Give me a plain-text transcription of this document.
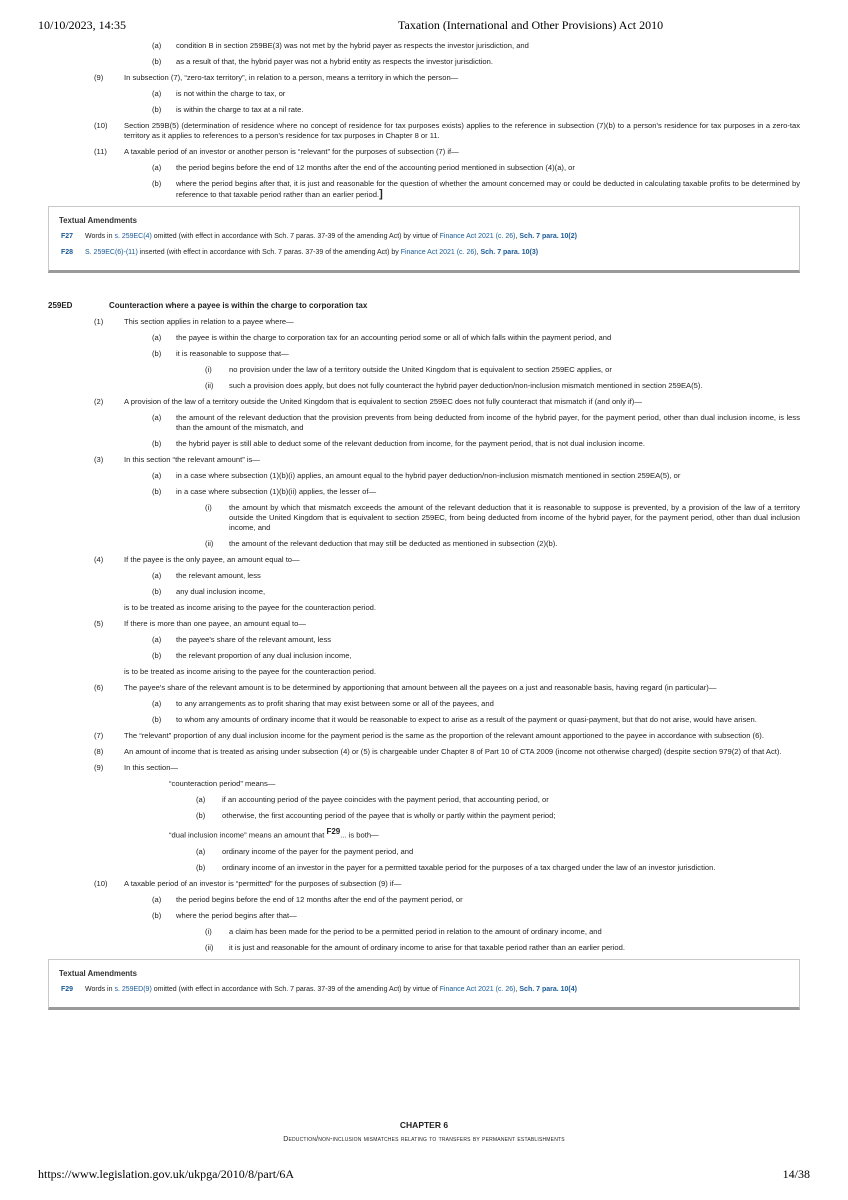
10/10/2023, 14:35	Taxation (International and Other Provisions) Act 2010
(a) condition B in section 259BE(3) was not met by the hybrid payer as respects the investor jurisdiction, and
(b) as a result of that, the hybrid payer was not a hybrid entity as respects the investor jurisdiction.
(9)	In subsection (7), “zero-tax territory”, in relation to a person, means a territory in which the person—
(a) is not within the charge to tax, or
(b) is within the charge to tax at a nil rate.
(10) Section 259B(5) (determination of residence where no concept of residence for tax purposes exists) applies to the reference in subsection (7)(b) to a person's residence for tax purposes in a zero-tax territory as it applies to references to a person's residence for tax purposes in Chapter 8 or 11.
(11) A taxable period of an investor or another person is “relevant” for the purposes of subsection (7) if—
(a) the period begins before the end of 12 months after the end of the accounting period mentioned in subsection (4)(a), or
(b) where the period begins after that, it is just and reasonable for the question of whether the amount concerned may or could be deducted in calculating taxable profits to be determined by reference to that taxable period rather than an earlier period.]
Textual Amendments
F27 Words in s. 259EC(4) omitted (with effect in accordance with Sch. 7 paras. 37-39 of the amending Act) by virtue of Finance Act 2021 (c. 26), Sch. 7 para. 10(2)
F28 S. 259EC(6)-(11) inserted (with effect in accordance with Sch. 7 paras. 37-39 of the amending Act) by Finance Act 2021 (c. 26), Sch. 7 para. 10(3)
259ED	Counteraction where a payee is within the charge to corporation tax
(1)	This section applies in relation to a payee where—
(a) the payee is within the charge to corporation tax for an accounting period some or all of which falls within the payment period, and
(b) it is reasonable to suppose that—
(i) no provision under the law of a territory outside the United Kingdom that is equivalent to section 259EC applies, or
(ii) such a provision does apply, but does not fully counteract the hybrid payer deduction/non-inclusion mismatch mentioned in section 259EA(5).
(2)	A provision of the law of a territory outside the United Kingdom that is equivalent to section 259EC does not fully counteract that mismatch if (and only if)—
(a) the amount of the relevant deduction that the provision prevents from being deducted from income of the hybrid payer, for the payment period, other than dual inclusion income, is less than the amount of the mismatch, and
(b) the hybrid payer is still able to deduct some of the relevant deduction from income, for the payment period, that is not dual inclusion income.
(3)	In this section “the relevant amount” is—
(a) in a case where subsection (1)(b)(i) applies, an amount equal to the hybrid payer deduction/non-inclusion mismatch mentioned in section 259EA(5), or
(b) in a case where subsection (1)(b)(ii) applies, the lesser of—
(i) the amount by which that mismatch exceeds the amount of the relevant deduction that it is reasonable to suppose is prevented, by a provision of the law of a territory outside the United Kingdom that is equivalent to section 259EC, from being deducted from income of the hybrid payer, for the payment period, other than dual inclusion income, and
(ii) the amount of the relevant deduction that may still be deducted as mentioned in subsection (2)(b).
(4)	If the payee is the only payee, an amount equal to—
(a) the relevant amount, less
(b) any dual inclusion income,
is to be treated as income arising to the payee for the counteraction period.
(5)	If there is more than one payee, an amount equal to—
(a) the payee's share of the relevant amount, less
(b) the relevant proportion of any dual inclusion income,
is to be treated as income arising to the payee for the counteraction period.
(6)	The payee's share of the relevant amount is to be determined by apportioning that amount between all the payees on a just and reasonable basis, having regard (in particular)—
(a) to any arrangements as to profit sharing that may exist between some or all of the payees, and
(b) to whom any amounts of ordinary income that it would be reasonable to expect to arise as a result of the payment or quasi-payment, but that do not arise, would have arisen.
(7)	The “relevant” proportion of any dual inclusion income for the payment period is the same as the proportion of the relevant amount apportioned to the payee in accordance with subsection (6).
(8)	An amount of income that is treated as arising under subsection (4) or (5) is chargeable under Chapter 8 of Part 10 of CTA 2009 (income not otherwise charged) (despite section 979(2) of that Act).
(9)	In this section—
“counteraction period” means—
(a) if an accounting period of the payee coincides with the payment period, that accounting period, or
(b) otherwise, the first accounting period of the payee that is wholly or partly within the payment period;
“dual inclusion income” means an amount that $^{F29}$... is both—
(a) ordinary income of the payer for the payment period, and
(b) ordinary income of an investor in the payer for a permitted taxable period for the purposes of a tax charged under the law of an investor jurisdiction.
(10) A taxable period of an investor is “permitted” for the purposes of subsection (9) if—
(a) the period begins before the end of 12 months after the end of the payment period, or
(b) where the period begins after that—
(i) a claim has been made for the period to be a permitted period in relation to the amount of ordinary income, and
(ii) it is just and reasonable for the amount of ordinary income to arise for that taxable period rather than an earlier period.
Textual Amendments
F29 Words in s. 259ED(9) omitted (with effect in accordance with Sch. 7 paras. 37-39 of the amending Act) by virtue of Finance Act 2021 (c. 26), Sch. 7 para. 10(4)
CHAPTER 6
Deduction/non-inclusion mismatches relating to transfers by permanent establishments
https://www.legislation.gov.uk/ukpga/2010/8/part/6A	14/38
